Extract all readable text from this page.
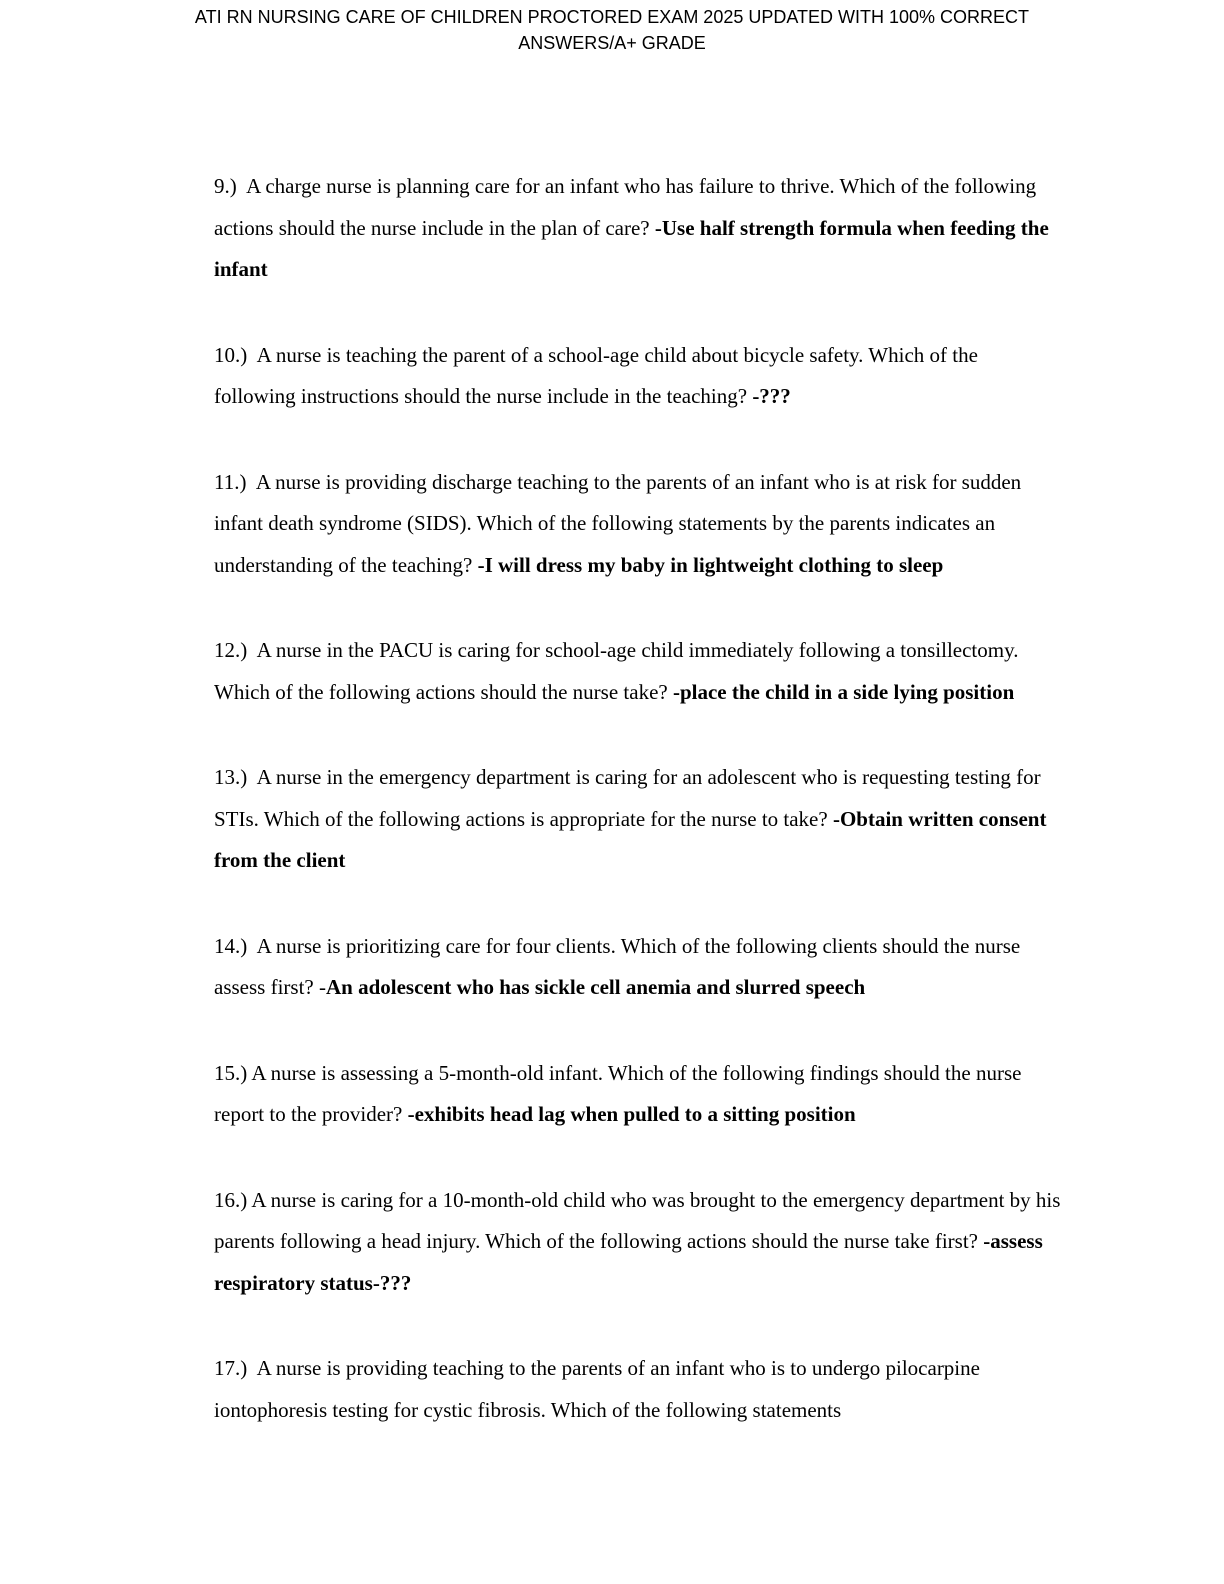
ATI RN NURSING CARE OF CHILDREN PROCTORED EXAM 2025 UPDATED WITH 100% CORRECT
ANSWERS/A+ GRADE

9.) A charge nurse is planning care for an infant who has failure to thrive. Which of the following actions should the nurse include in the plan of care? -Use half strength formula when feeding the infant

10.) A nurse is teaching the parent of a school-age child about bicycle safety. Which of the following instructions should the nurse include in the teaching? -???

11.) A nurse is providing discharge teaching to the parents of an infant who is at risk for sudden infant death syndrome (SIDS). Which of the following statements by the parents indicates an understanding of the teaching? -I will dress my baby in lightweight clothing to sleep

12.) A nurse in the PACU is caring for school-age child immediately following a tonsillectomy. Which of the following actions should the nurse take? -place the child in a side lying position

13.) A nurse in the emergency department is caring for an adolescent who is requesting testing for STIs. Which of the following actions is appropriate for the nurse to take? -Obtain written consent from the client

14.) A nurse is prioritizing care for four clients. Which of the following clients should the nurse assess first? -An adolescent who has sickle cell anemia and slurred speech

15.) A nurse is assessing a 5-month-old infant. Which of the following findings should the nurse report to the provider? -exhibits head lag when pulled to a sitting position

16.) A nurse is caring for a 10-month-old child who was brought to the emergency department by his parents following a head injury. Which of the following actions should the nurse take first? -assess respiratory status-???

17.) A nurse is providing teaching to the parents of an infant who is to undergo pilocarpine iontophoresis testing for cystic fibrosis. Which of the following statements
